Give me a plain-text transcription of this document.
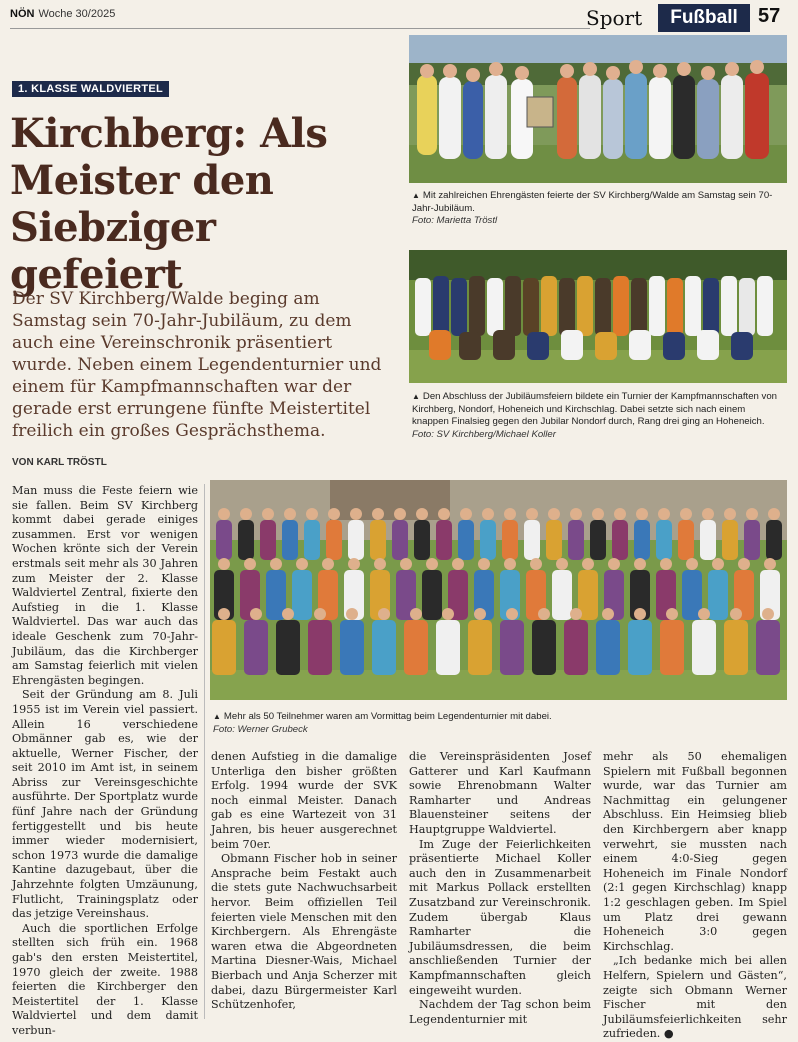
NÖN Woche 30/2025	Sport	Fußball	57
1. KLASSE WALDVIERTEL
Kirchberg: Als Meister den Siebziger gefeiert
Der SV Kirchberg/Walde beging am Samstag sein 70-Jahr-Jubiläum, zu dem auch eine Vereinschronik präsentiert wurde. Neben einem Legendenturnier und einem für Kampfmannschaften war der gerade erst errungene fünfte Meistertitel freilich ein großes Gesprächsthema.
VON KARL TRÖSTL
▲ Mit zahlreichen Ehrengästen feierte der SV Kirchberg/Walde am Samstag sein 70-Jahr-Jubiläum.
Foto: Marietta Tröstl
▲ Den Abschluss der Jubiläumsfeiern bildete ein Turnier der Kampfmannschaften von Kirchberg, Nondorf, Hoheneich und Kirchschlag. Dabei setzte sich nach einem knappen Finalsieg gegen den Jubilar Nondorf durch, Rang drei ging an Hoheneich.
Foto: SV Kirchberg/Michael Koller
▲ Mehr als 50 Teilnehmer waren am Vormittag beim Legendenturnier mit dabei.
Foto: Werner Grubeck

Man muss die Feste feiern wie sie fallen. Beim SV Kirchberg kommt dabei gerade einiges zusammen. Erst vor wenigen Wochen krönte sich der Verein erstmals seit mehr als 30 Jahren zum Meister der 2. Klasse Waldviertel Zentral, fixierte den Aufstieg in die 1. Klasse Waldviertel. Das war auch das ideale Geschenk zum 70-Jahr-Jubiläum, das die Kirchberger am Samstag feierlich mit vielen Ehrengästen begingen.

Seit der Gründung am 8. Juli 1955 ist im Verein viel passiert. Allein 16 verschiedene Obmänner gab es, wie der aktuelle, Werner Fischer, der seit 2010 im Amt ist, in seinem Abriss zur Vereinsgeschichte ausführte. Der Sportplatz wurde fünf Jahre nach der Gründung fertiggestellt und bis heute immer wieder modernisiert, schon 1973 wurde die damalige Kantine dazugebaut, über die Jahrzehnte folgten Umzäunung, Flutlicht, Trainingsplatz oder das jetzige Vereinshaus.

Auch die sportlichen Erfolge stellten sich früh ein. 1968 gab's den ersten Meistertitel, 1970 gleich der zweite. 1988 feierten die Kirchberger den Meistertitel der 1. Klasse Waldviertel und dem damit verbun-

denen Aufstieg in die damalige Unterliga den bisher größten Erfolg. 1994 wurde der SVK noch einmal Meister. Danach gab es eine Wartezeit von 31 Jahren, bis heuer ausgerechnet beim 70er.

Obmann Fischer hob in seiner Ansprache beim Festakt auch die stets gute Nachwuchsarbeit hervor. Beim offiziellen Teil feierten viele Menschen mit den Kirchbergern. Als Ehrengäste waren etwa die Abgeordneten Martina Diesner-Wais, Michael Bierbach und Anja Scherzer mit dabei, dazu Bürgermeister Karl Schützenhofer,

die Vereinspräsidenten Josef Gatterer und Karl Kaufmann sowie Ehrenobmann Walter Ramharter und Andreas Blauensteiner seitens der Hauptgruppe Waldviertel.

Im Zuge der Feierlichkeiten präsentierte Michael Koller auch den in Zusammenarbeit mit Markus Pollack erstellten Zusatzband zur Vereinschronik. Zudem übergab Klaus Ramharter die Jubiläumsdressen, die beim anschließenden Turnier der Kampfmannschaften gleich eingeweiht wurden.

Nachdem der Tag schon beim Legendenturnier mit

mehr als 50 ehemaligen Spielern mit Fußball begonnen wurde, war das Turnier am Nachmittag ein gelungener Abschluss. Ein Heimsieg blieb den Kirchbergern aber knapp verwehrt, sie mussten nach einem 4:0-Sieg gegen Hoheneich im Finale Nondorf (2:1 gegen Kirchschlag) knapp 1:2 geschlagen geben. Im Spiel um Platz drei gewann Hoheneich 3:0 gegen Kirchschlag.

„Ich bedanke mich bei allen Helfern, Spielern und Gästen“, zeigte sich Obmann Werner Fischer mit den Jubiläumsfeierlichkeiten sehr zufrieden. ●
